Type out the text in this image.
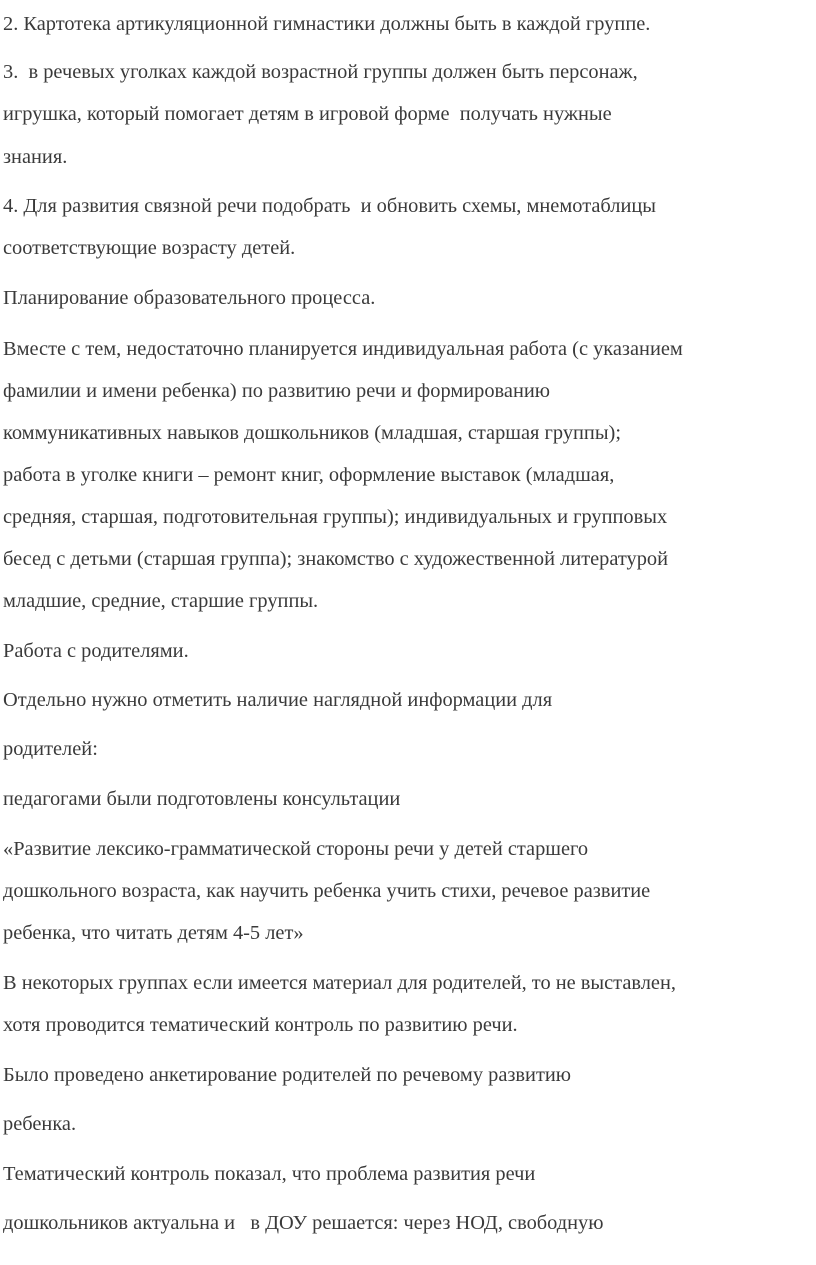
2. Картотека артикуляционной гимнастики должны быть в каждой группе.
3.  в речевых уголках каждой возрастной группы должен быть персонаж,
игрушка, который помогает детям в игровой форме  получать нужные
знания.
4. Для развития связной речи подобрать  и обновить схемы, мнемотаблицы
соответствующие возрасту детей.
Планирование образовательного процесса.
Вместе с тем, недостаточно планируется индивидуальная работа (с указанием
фамилии и имени ребенка) по развитию речи и формированию
коммуникативных навыков дошкольников (младшая, старшая группы);
работа в уголке книги – ремонт книг, оформление выставок (младшая,
средняя, старшая, подготовительная группы); индивидуальных и групповых
бесед с детьми (старшая группа); знакомство с художественной литературой
младшие, средние, старшие группы.
Работа с родителями.
Отдельно нужно отметить наличие наглядной информации для
родителей:
педагогами были подготовлены консультации
«Развитие лексико-грамматической стороны речи у детей старшего
дошкольного возраста, как научить ребенка учить стихи, речевое развитие
ребенка, что читать детям 4-5 лет»
В некоторых группах если имеется материал для родителей, то не выставлен,
хотя проводится тематический контроль по развитию речи.
Было проведено анкетирование родителей по речевому развитию
ребенка.
Тематический контроль показал, что проблема развития речи
дошкольников актуальна и   в ДОУ решается: через НОД, свободную
